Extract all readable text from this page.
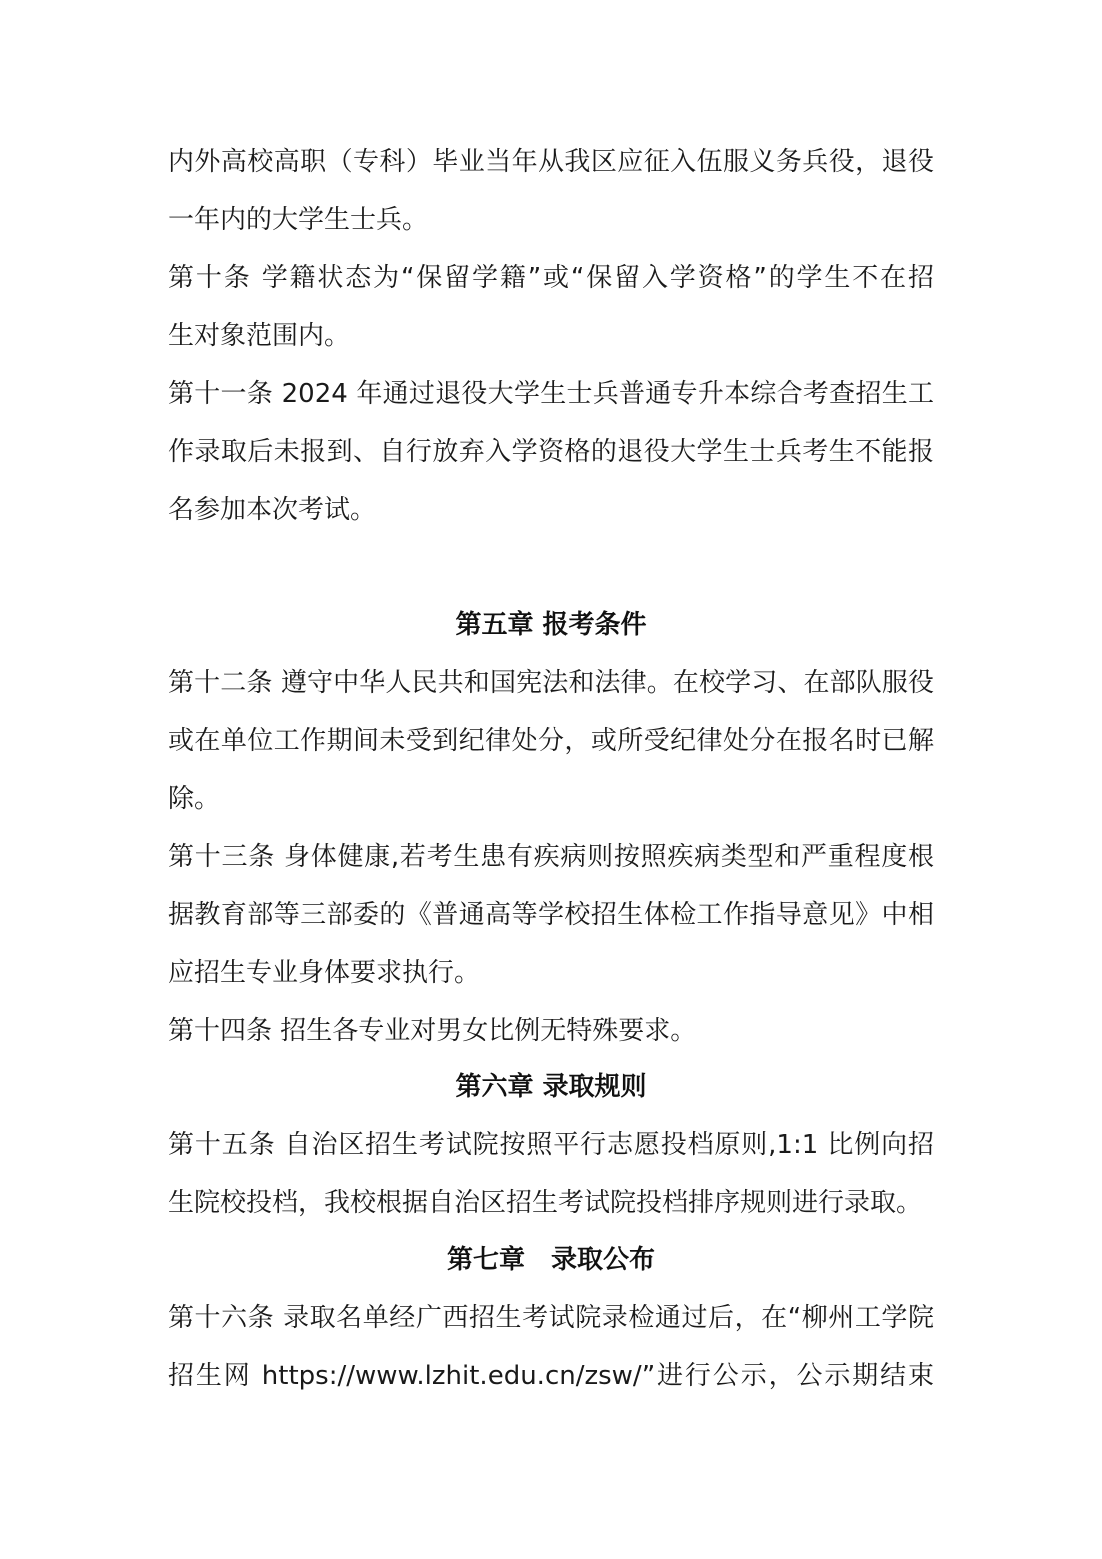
内外高校高职（专科）毕业当年从我区应征入伍服义务兵役，退役
一年内的大学生士兵。
第十条 学籍状态为“保留学籍”或“保留入学资格”的学生不在招
生对象范围内。
第十一条 2024 年通过退役大学生士兵普通专升本综合考查招生工
作录取后未报到、自行放弃入学资格的退役大学生士兵考生不能报
名参加本次考试。
第五章 报考条件
第十二条 遵守中华人民共和国宪法和法律。在校学习、在部队服役
或在单位工作期间未受到纪律处分，或所受纪律处分在报名时已解
除。
第十三条 身体健康,若考生患有疾病则按照疾病类型和严重程度根
据教育部等三部委的《普通高等学校招生体检工作指导意见》中相
应招生专业身体要求执行。
第十四条 招生各专业对男女比例无特殊要求。
第六章 录取规则
第十五条 自治区招生考试院按照平行志愿投档原则,1:1 比例向招
生院校投档，我校根据自治区招生考试院投档排序规则进行录取。
第七章　录取公布
第十六条 录取名单经广西招生考试院录检通过后，在“柳州工学院
招生网 https://www.lzhit.edu.cn/zsw/”进行公示，公示期结束
